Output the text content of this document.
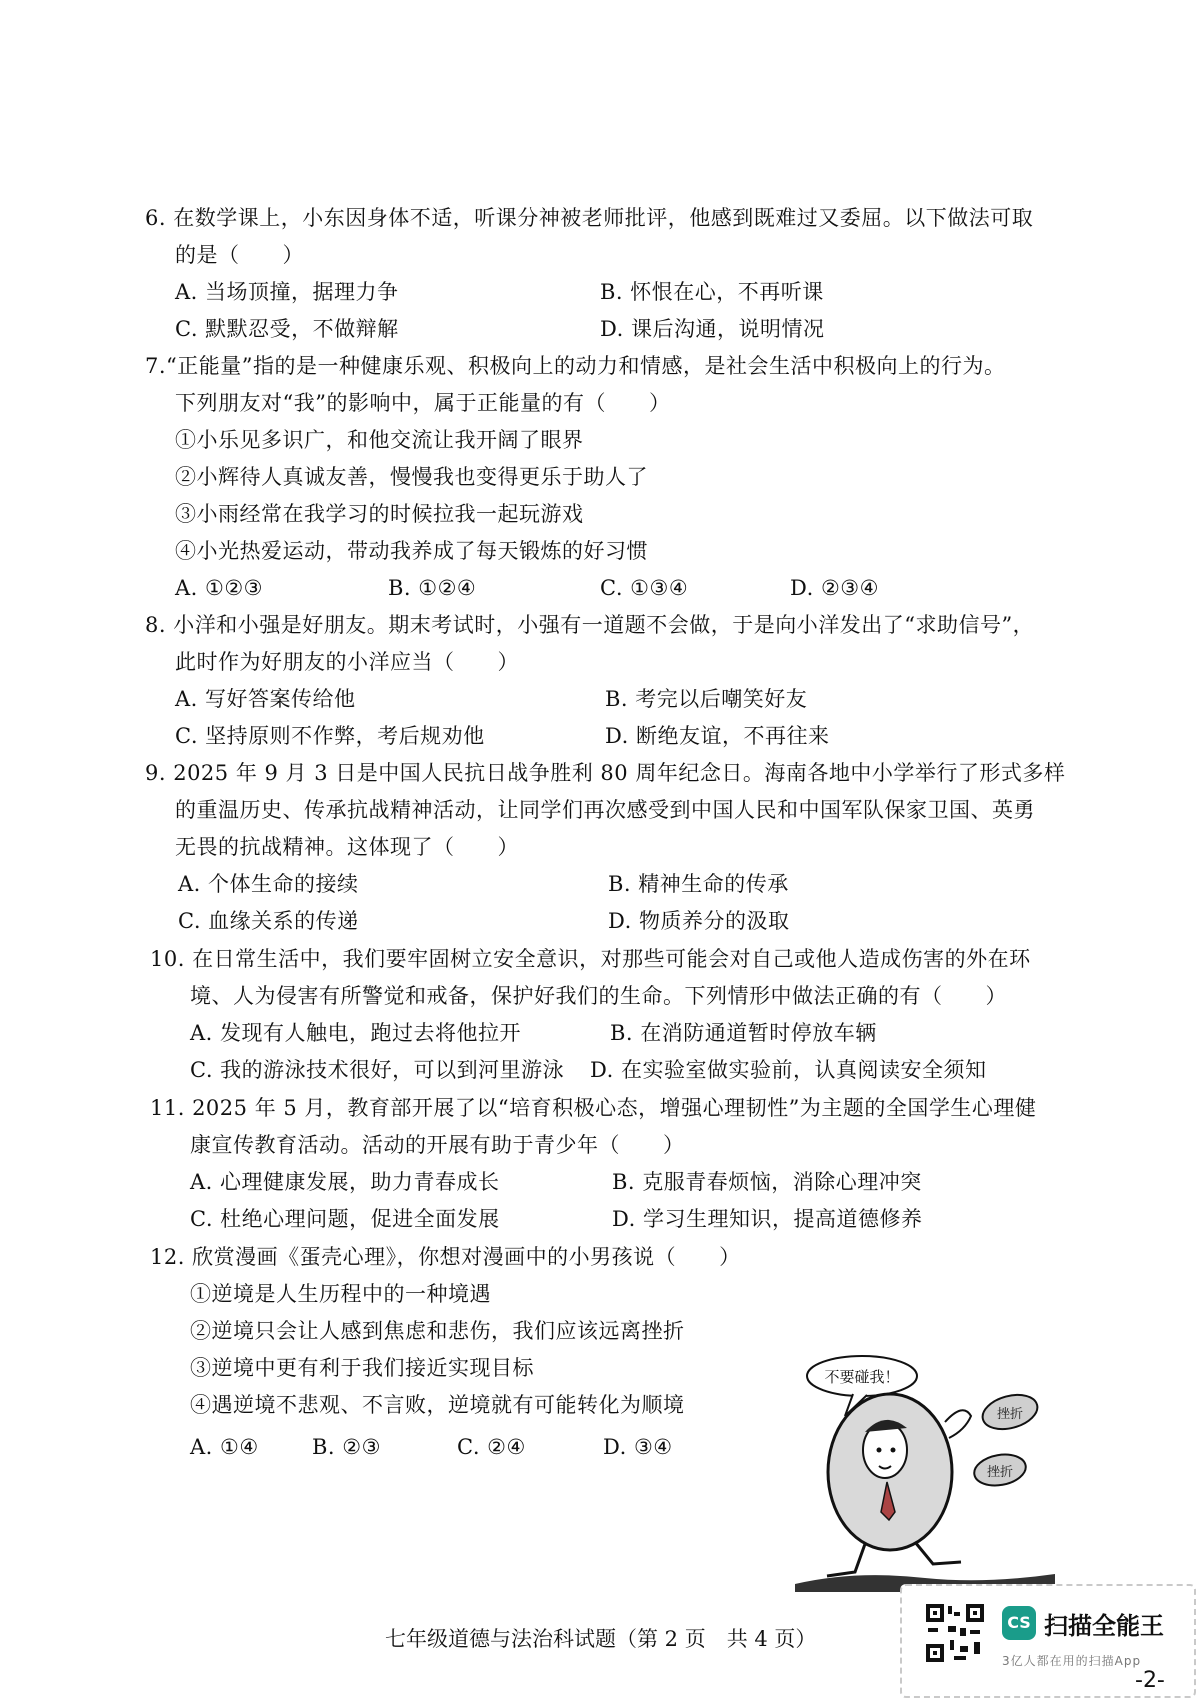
6. 在数学课上，小东因身体不适，听课分神被老师批评，他感到既难过又委屈。以下做法可取
的是（　　）
A. 当场顶撞，据理力争	B. 怀恨在心，不再听课
C. 默默忍受，不做辩解	D. 课后沟通，说明情况
7.“正能量”指的是一种健康乐观、积极向上的动力和情感，是社会生活中积极向上的行为。
下列朋友对“我”的影响中，属于正能量的有（　　）
①小乐见多识广，和他交流让我开阔了眼界
②小辉待人真诚友善，慢慢我也变得更乐于助人了
③小雨经常在我学习的时候拉我一起玩游戏
④小光热爱运动，带动我养成了每天锻炼的好习惯
A. ①②③	B. ①②④	C. ①③④	D. ②③④
8. 小洋和小强是好朋友。期末考试时，小强有一道题不会做，于是向小洋发出了“求助信号”，
此时作为好朋友的小洋应当（　　）
A. 写好答案传给他	B. 考完以后嘲笑好友
C. 坚持原则不作弊，考后规劝他	D. 断绝友谊，不再往来
9. 2025 年 9 月 3 日是中国人民抗日战争胜利 80 周年纪念日。海南各地中小学举行了形式多样
的重温历史、传承抗战精神活动，让同学们再次感受到中国人民和中国军队保家卫国、英勇
无畏的抗战精神。这体现了（　　）
A. 个体生命的接续	B. 精神生命的传承
C. 血缘关系的传递	D. 物质养分的汲取
10. 在日常生活中，我们要牢固树立安全意识，对那些可能会对自己或他人造成伤害的外在环
境、人为侵害有所警觉和戒备，保护好我们的生命。下列情形中做法正确的有（　　）
A. 发现有人触电，跑过去将他拉开	B. 在消防通道暂时停放车辆
C. 我的游泳技术很好，可以到河里游泳 D. 在实验室做实验前，认真阅读安全须知
11. 2025 年 5 月，教育部开展了以“培育积极心态，增强心理韧性”为主题的全国学生心理健
康宣传教育活动。活动的开展有助于青少年（　　）
A. 心理健康发展，助力青春成长	B. 克服青春烦恼，消除心理冲突
C. 杜绝心理问题，促进全面发展	D. 学习生理知识，提高道德修养
12. 欣赏漫画《蛋壳心理》，你想对漫画中的小男孩说（　　）
①逆境是人生历程中的一种境遇
②逆境只会让人感到焦虑和悲伤，我们应该远离挫折
③逆境中更有利于我们接近实现目标
④遇逆境不悲观、不言败，逆境就有可能转化为顺境
A. ①④	B. ②③	C. ②④	D. ③④
不要碰我！
挫折
挫折
七年级道德与法治科试题（第 2 页　共 4 页）
CS 扫描全能王
3亿人都在用的扫描App
-2-
